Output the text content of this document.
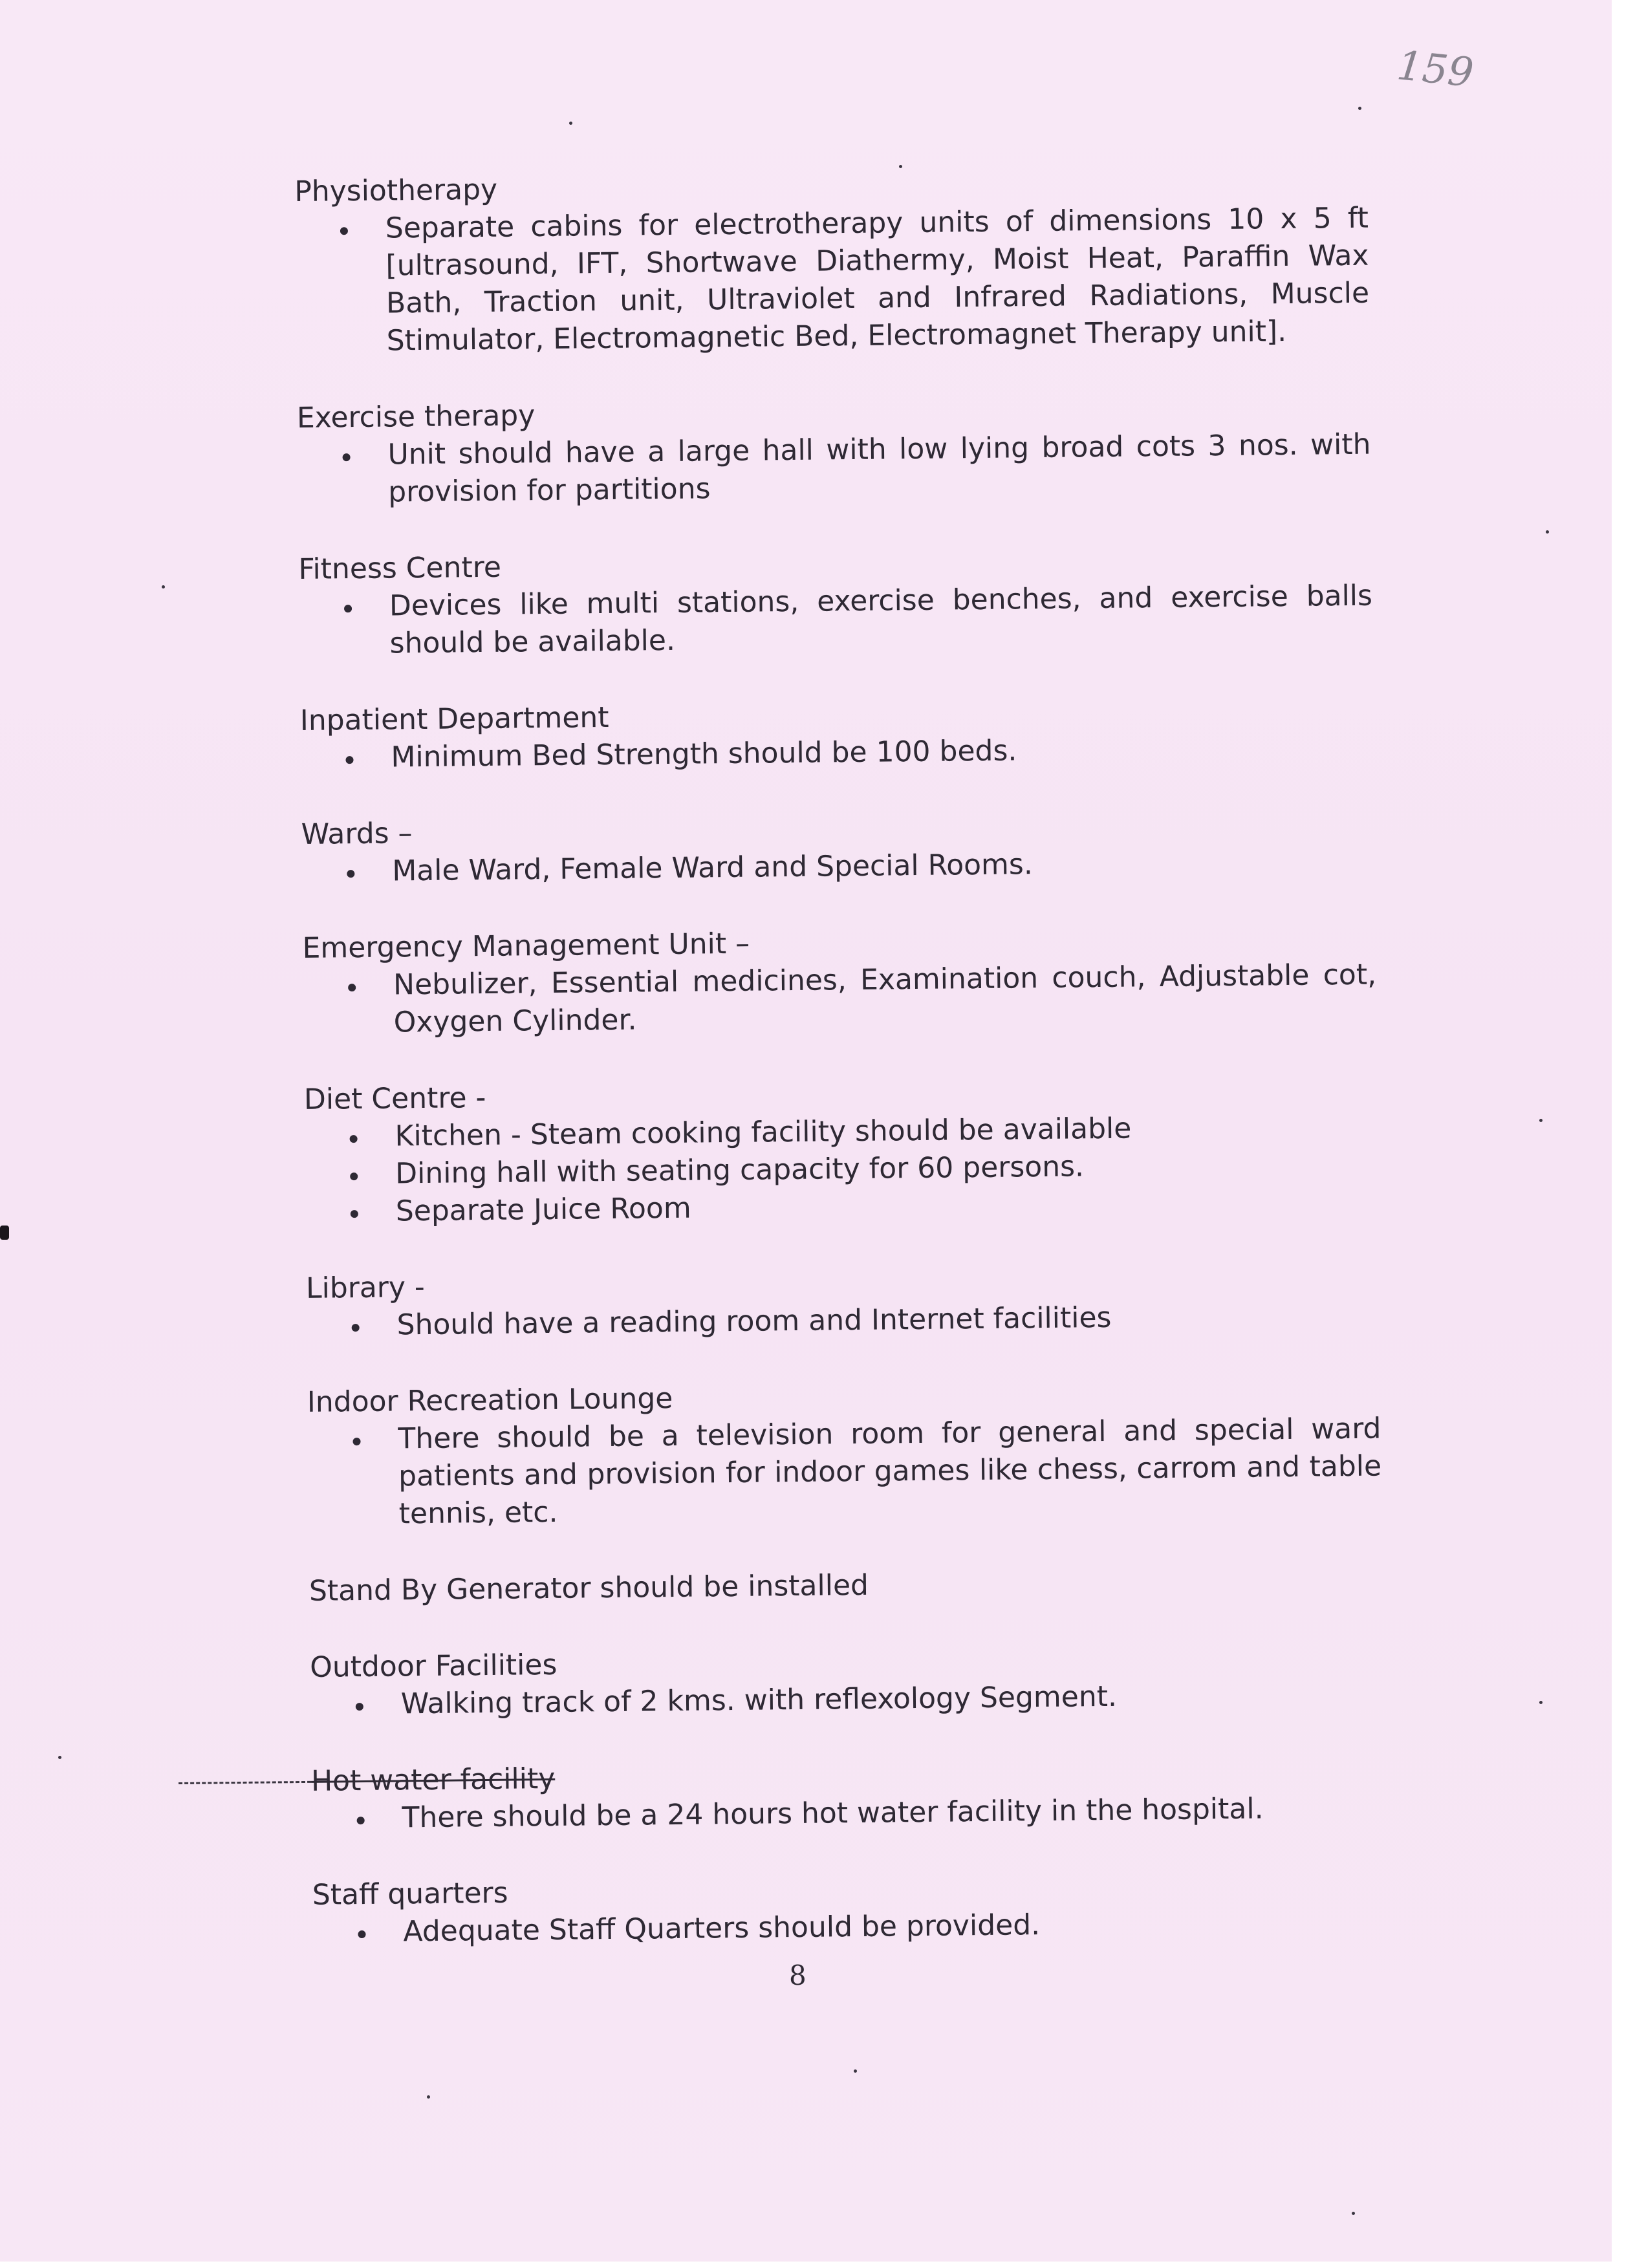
159

Physiotherapy

Separate cabins for electrotherapy units of dimensions 10 x 5 ft [ultrasound, IFT, Shortwave Diathermy, Moist Heat, Paraffin Wax Bath, Traction unit, Ultraviolet and Infrared Radiations, Muscle Stimulator, Electromagnetic Bed, Electromagnet Therapy unit].

Exercise therapy

Unit should have a large hall with low lying broad cots 3 nos. with provision for partitions

Fitness Centre

Devices like multi stations, exercise benches, and exercise balls should be available.

Inpatient Department

Minimum Bed Strength should be 100 beds.

Wards –

Male Ward, Female Ward and Special Rooms.

Emergency Management Unit –

Nebulizer, Essential medicines, Examination couch, Adjustable cot, Oxygen Cylinder.

Diet Centre -

Kitchen - Steam cooking facility should be available
Dining hall with seating capacity for 60 persons.
Separate Juice Room

Library -

Should have a reading room and Internet facilities

Indoor Recreation Lounge

There should be a television room for general and special ward patients and provision for indoor games like chess, carrom and table tennis, etc.

Stand By Generator should be installed

Outdoor Facilities

Walking track of 2 kms. with reflexology Segment.

Hot water facility

There should be a 24 hours hot water facility in the hospital.

Staff quarters

Adequate Staff Quarters should be provided.
8
